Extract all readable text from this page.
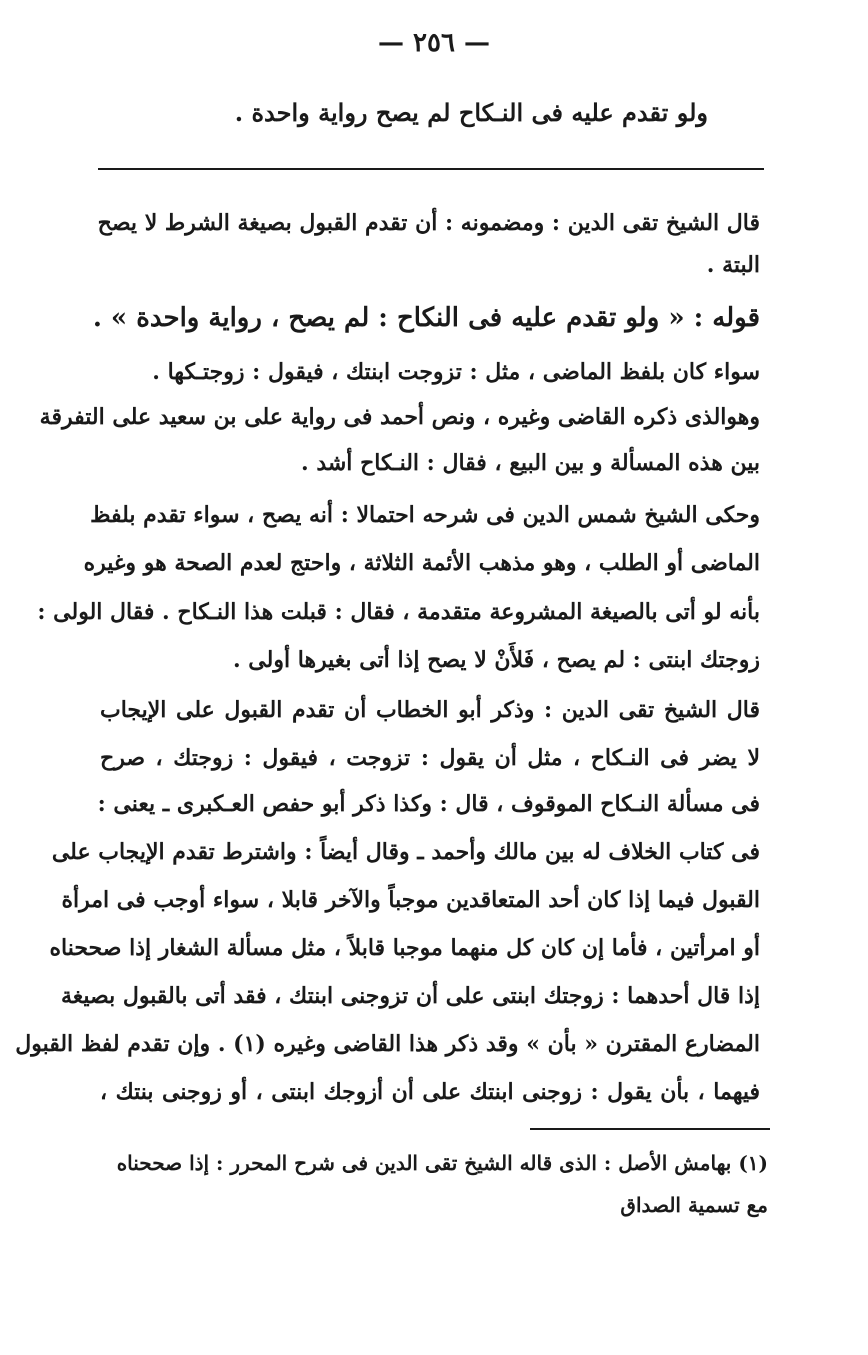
— ٢٥٦ —
ولو تقدم عليه فى النـكاح لم يصح رواية واحدة .
قال الشيخ تقى الدين : ومضمونه : أن تقدم القبول بصيغة الشرط لا يصح
البتة .
قوله : « ولو تقدم عليه فى النكاح : لم يصح ، رواية واحدة » .
سواء كان بلفظ الماضى ، مثل : تزوجت ابنتك ، فيقول : زوجتـكها .
وهوالذى ذكره القاضى وغيره ، ونص أحمد فى رواية على بن سعيد على التفرقة
بين هذه المسألة و بين البيع ، فقال : النـكاح أشد .
وحكى الشيخ شمس الدين فى شرحه احتمالا : أنه يصح ، سواء تقدم بلفظ
الماضى أو الطلب ، وهو مذهب الأئمة الثلاثة ، واحتج لعدم الصحة هو وغيره
بأنه لو أتى بالصيغة المشروعة متقدمة ، فقال : قبلت هذا النـكاح . فقال الولى :
زوجتك ابنتى : لم يصح ، فَلأَنْ لا يصح إذا أتى بغيرها أولى .
قال الشيخ تقى الدين : وذكر أبو الخطاب أن تقدم القبول على الإيجاب
لا يضر فى النـكاح ، مثل أن يقول : تزوجت ، فيقول : زوجتك ، صرح
فى مسألة النـكاح الموقوف ، قال : وكذا ذكر أبو حفص العـكبرى ـ يعنى :
فى كتاب الخلاف له بين مالك وأحمد ـ وقال أيضاً : واشترط تقدم الإيجاب على
القبول فيما إذا كان أحد المتعاقدين موجباً والآخر قابلا ، سواء أوجب فى امرأة
أو امرأتين ، فأما إن كان كل منهما موجبا قابلاً ، مثل مسألة الشغار إذا صححناه
إذا قال أحدهما : زوجتك ابنتى على أن تزوجنى ابنتك ، فقد أتى بالقبول بصيغة
المضارع المقترن « بأن » وقد ذكر هذا القاضى وغيره (١) . وإن تقدم لفظ القبول
فيهما ، بأن يقول : زوجنى ابنتك على أن أزوجك ابنتى ، أو زوجنى بنتك ،
(١) بهامش الأصل : الذى قاله الشيخ تقى الدين فى شرح المحرر : إذا صححناه
مع تسمية الصداق
